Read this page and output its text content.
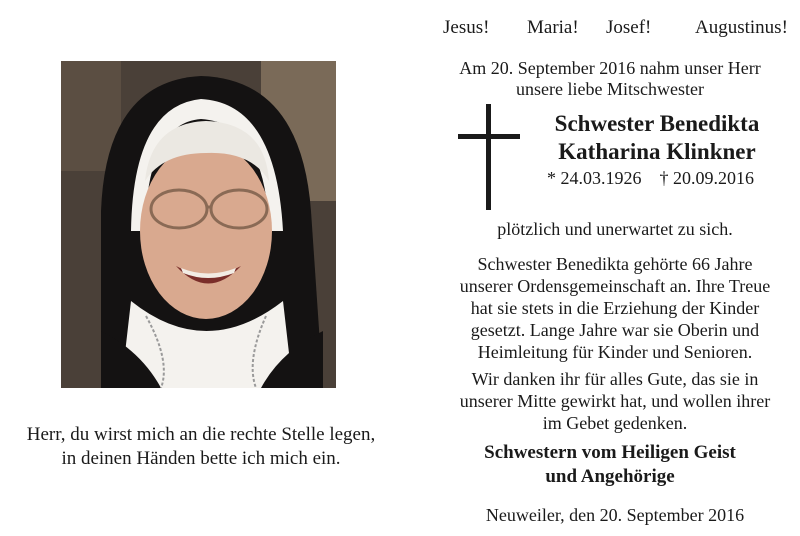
Herr, du wirst mich an die rechte Stelle legen,
in deinen Händen bette ich mich ein.
Jesus! Maria! Josef! Augustinus!
Am 20. September 2016 nahm unser Herr
unsere liebe Mitschwester
Schwester Benedikta
Katharina Klinkner
* 24.03.1926 † 20.09.2016
plötzlich und unerwartet zu sich.
Schwester Benedikta gehörte 66 Jahre
unserer Ordensgemeinschaft an. Ihre Treue
hat sie stets in die Erziehung der Kinder
gesetzt. Lange Jahre war sie Oberin und
Heimleitung für Kinder und Senioren.
Wir danken ihr für alles Gute, das sie in
unserer Mitte gewirkt hat, und wollen ihrer
im Gebet gedenken.
Schwestern vom Heiligen Geist
und Angehörige
Neuweiler, den 20. September 2016
